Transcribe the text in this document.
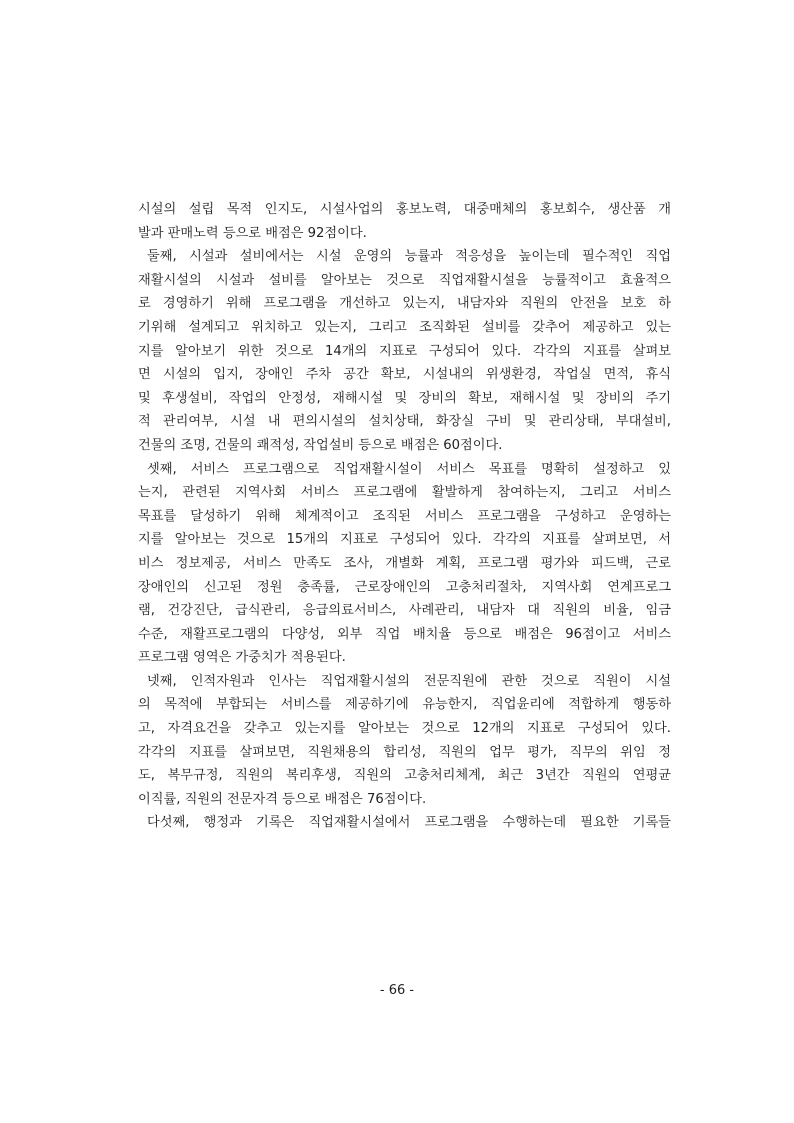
시설의 설립 목적 인지도, 시설사업의 홍보노력, 대중매체의 홍보회수, 생산품 개
발과 판매노력 등으로 배점은 92점이다.
둘째, 시설과 설비에서는 시설 운영의 능률과 적응성을 높이는데 필수적인 직업
재활시설의 시설과 설비를 알아보는 것으로 직업재활시설을 능률적이고 효율적으
로 경영하기 위해 프로그램을 개선하고 있는지, 내담자와 직원의 안전을 보호 하
기위해 설계되고 위치하고 있는지, 그리고 조직화된 설비를 갖추어 제공하고 있는
지를 알아보기 위한 것으로 14개의 지표로 구성되어 있다. 각각의 지표를 살펴보
면 시설의 입지, 장애인 주차 공간 확보, 시설내의 위생환경, 작업실 면적, 휴식
및 후생설비, 작업의 안정성, 재해시설 및 장비의 확보, 재해시설 및 장비의 주기
적 관리여부, 시설 내 편의시설의 설치상태, 화장실 구비 및 관리상태, 부대설비,
건물의 조명, 건물의 쾌적성, 작업설비 등으로 배점은 60점이다.
셋째, 서비스 프로그램으로 직업재활시설이 서비스 목표를 명확히 설정하고 있
는지, 관련된 지역사회 서비스 프로그램에 활발하게 참여하는지, 그리고 서비스
목표를 달성하기 위해 체계적이고 조직된 서비스 프로그램을 구성하고 운영하는
지를 알아보는 것으로 15개의 지표로 구성되어 있다. 각각의 지표를 살펴보면, 서
비스 정보제공, 서비스 만족도 조사, 개별화 계획, 프로그램 평가와 피드백, 근로
장애인의 신고된 정원 충족률, 근로장애인의 고충처리절차, 지역사회 연계프로그
램, 건강진단, 급식관리, 응급의료서비스, 사례관리, 내담자 대 직원의 비율, 임금
수준, 재활프로그램의 다양성, 외부 직업 배치율 등으로 배점은 96점이고 서비스
프로그램 영역은 가중치가 적용된다.
넷째, 인적자원과 인사는 직업재활시설의 전문직원에 관한 것으로 직원이 시설
의 목적에 부합되는 서비스를 제공하기에 유능한지, 직업윤리에 적합하게 행동하
고, 자격요건을 갖추고 있는지를 알아보는 것으로 12개의 지표로 구성되어 있다.
각각의 지표를 살펴보면, 직원채용의 합리성, 직원의 업무 평가, 직무의 위임 정
도, 복무규정, 직원의 복리후생, 직원의 고충처리체계, 최근 3년간 직원의 연평균
이직률, 직원의 전문자격 등으로 배점은 76점이다.
다섯째, 행정과 기록은 직업재활시설에서 프로그램을 수행하는데 필요한 기록들
- 66 -
